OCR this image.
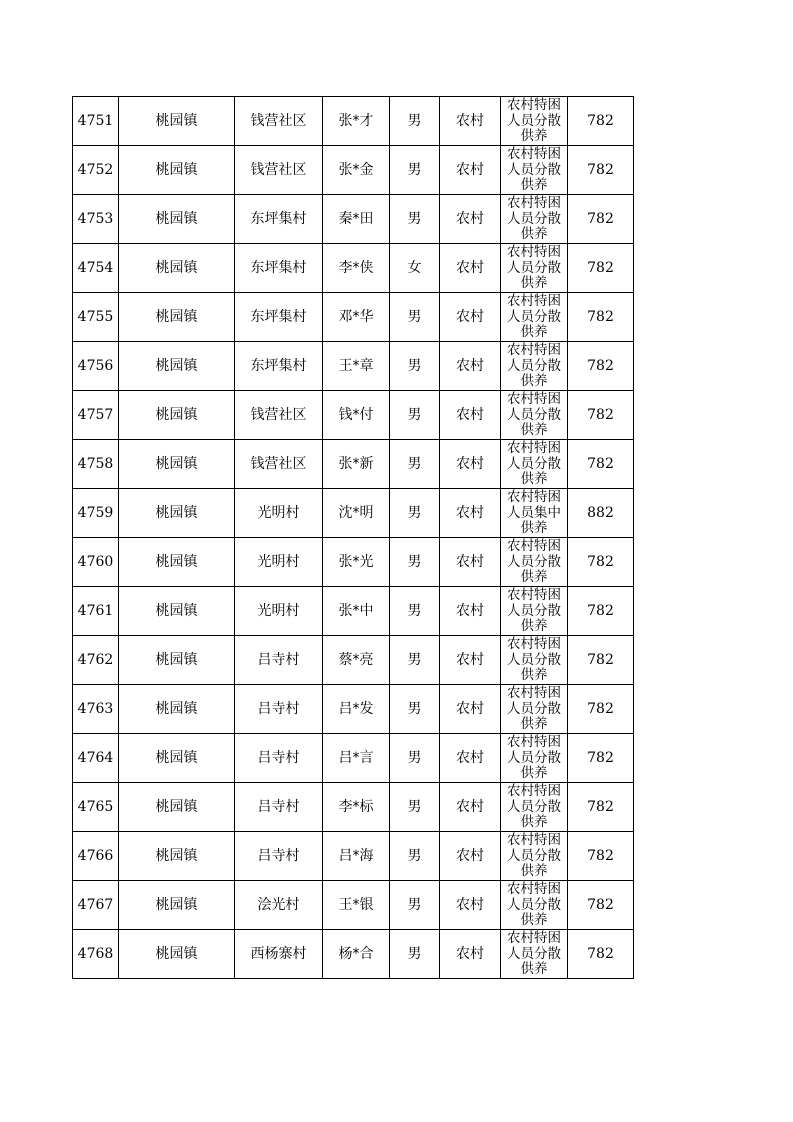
4751	桃园镇	钱营社区	张*才	男	农村	农村特困人员分散供养	782
4752	桃园镇	钱营社区	张*金	男	农村	农村特困人员分散供养	782
4753	桃园镇	东坪集村	秦*田	男	农村	农村特困人员分散供养	782
4754	桃园镇	东坪集村	李*侠	女	农村	农村特困人员分散供养	782
4755	桃园镇	东坪集村	邓*华	男	农村	农村特困人员分散供养	782
4756	桃园镇	东坪集村	王*章	男	农村	农村特困人员分散供养	782
4757	桃园镇	钱营社区	钱*付	男	农村	农村特困人员分散供养	782
4758	桃园镇	钱营社区	张*新	男	农村	农村特困人员分散供养	782
4759	桃园镇	光明村	沈*明	男	农村	农村特困人员集中供养	882
4760	桃园镇	光明村	张*光	男	农村	农村特困人员分散供养	782
4761	桃园镇	光明村	张*中	男	农村	农村特困人员分散供养	782
4762	桃园镇	吕寺村	蔡*亮	男	农村	农村特困人员分散供养	782
4763	桃园镇	吕寺村	吕*发	男	农村	农村特困人员分散供养	782
4764	桃园镇	吕寺村	吕*言	男	农村	农村特困人员分散供养	782
4765	桃园镇	吕寺村	李*标	男	农村	农村特困人员分散供养	782
4766	桃园镇	吕寺村	吕*海	男	农村	农村特困人员分散供养	782
4767	桃园镇	浍光村	王*银	男	农村	农村特困人员分散供养	782
4768	桃园镇	西杨寨村	杨*合	男	农村	农村特困人员分散供养	782
